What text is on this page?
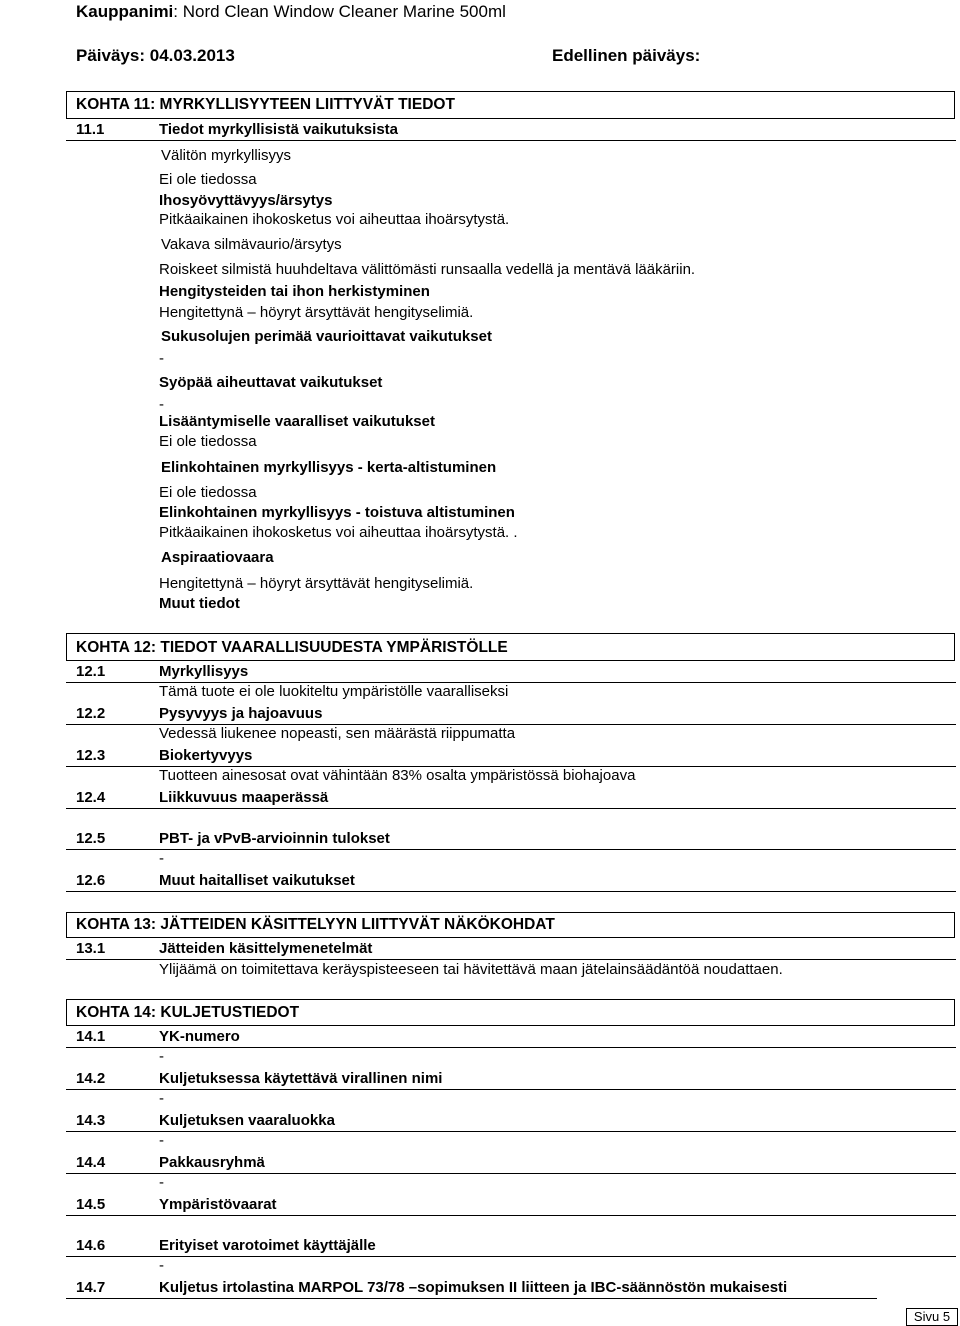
Kauppanimi: Nord Clean Window Cleaner Marine 500ml
Päiväys: 04.03.2013	Edellinen päiväys:
KOHTA 11: MYRKYLLISYYTEEN LIITTYVÄT TIEDOT
11.1	Tiedot myrkyllisistä vaikutuksista
Välitön myrkyllisyys
Ei ole tiedossa
Ihosyövyttävyys/ärsytys
Pitkäaikainen ihokosketus voi aiheuttaa ihoärsytystä.
Vakava silmävaurio/ärsytys
Roiskeet silmistä huuhdeltava välittömästi runsaalla vedellä ja mentävä lääkäriin.
Hengitysteiden tai ihon herkistyminen
Hengitettynä – höyryt ärsyttävät hengityselimiä.
Sukusolujen perimää vaurioittavat vaikutukset
-
Syöpää aiheuttavat vaikutukset
-
Lisääntymiselle vaaralliset vaikutukset
Ei ole tiedossa
Elinkohtainen myrkyllisyys - kerta-altistuminen
Ei ole tiedossa
Elinkohtainen myrkyllisyys - toistuva altistuminen
Pitkäaikainen ihokosketus voi aiheuttaa ihoärsytystä. .
Aspiraatiovaara
Hengitettynä – höyryt ärsyttävät hengityselimiä.
Muut tiedot
KOHTA 12: TIEDOT VAARALLISUUDESTA YMPÄRISTÖLLE
12.1	Myrkyllisyys
Tämä tuote ei ole luokiteltu ympäristölle vaaralliseksi
12.2	Pysyvyys ja hajoavuus
Vedessä liukenee nopeasti, sen määrästä riippumatta
12.3	Biokertyvyys
Tuotteen ainesosat ovat vähintään 83% osalta ympäristössä biohajoava
12.4	Liikkuvuus maaperässä
12.5	PBT- ja vPvB-arvioinnin tulokset
-
12.6	Muut haitalliset vaikutukset
KOHTA 13: JÄTTEIDEN KÄSITTELYYN LIITTYVÄT NÄKÖKOHDAT
13.1	Jätteiden käsittelymenetelmät
Ylijäämä on toimitettava keräyspisteeseen tai hävitettävä maan jätelainsäädäntöä noudattaen.
KOHTA 14: KULJETUSTIEDOT
14.1	YK-numero
-
14.2	Kuljetuksessa käytettävä virallinen nimi
-
14.3	Kuljetuksen vaaraluokka
-
14.4	Pakkausryhmä
-
14.5	Ympäristövaarat
14.6	Erityiset varotoimet käyttäjälle
-
14.7	Kuljetus irtolastina MARPOL 73/78 –sopimuksen II liitteen ja IBC-säännöstön mukaisesti
Sivu 5
